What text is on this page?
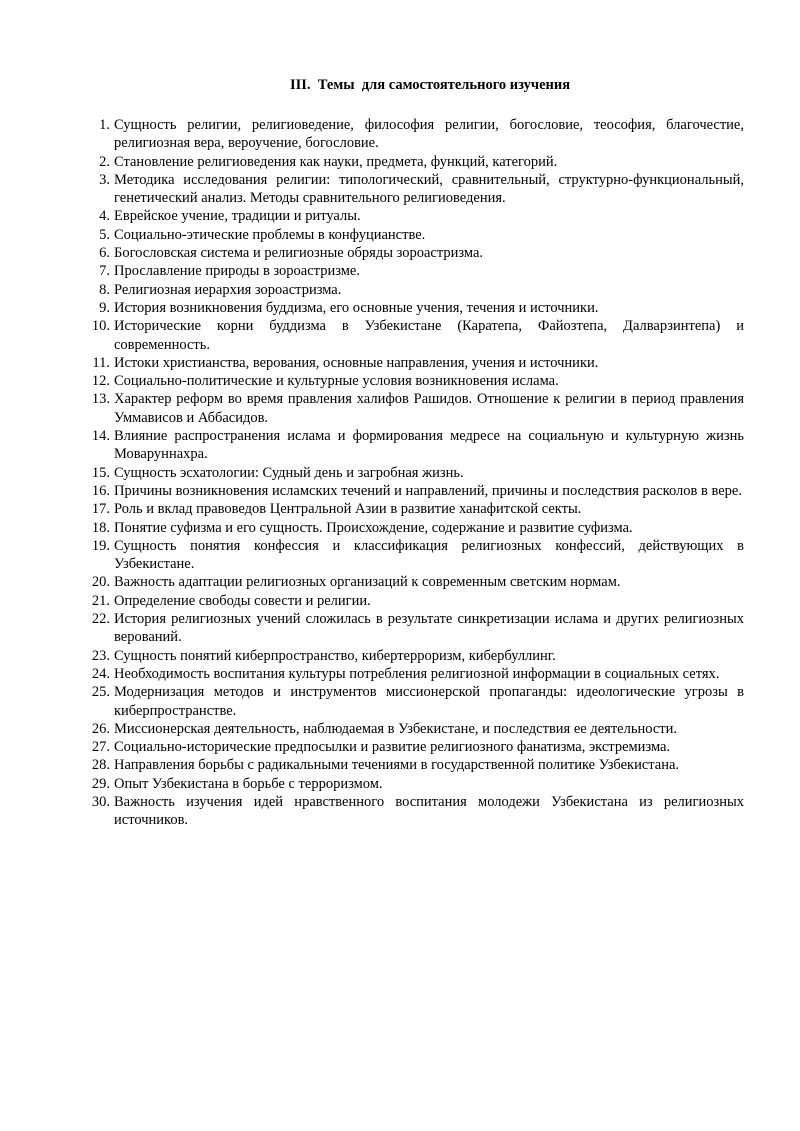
III.  Темы  для самостоятельного изучения
1. Сущность религии, религиоведение, философия религии, богословие, теософия, благочестие, религиозная вера, вероучение, богословие.
2. Становление религиоведения как науки, предмета, функций, категорий.
3. Методика исследования религии: типологический, сравнительный, структурно-функциональный, генетический анализ. Методы сравнительного религиоведения.
4. Еврейское учение, традиции и ритуалы.
5. Социально-этические проблемы в конфуцианстве.
6. Богословская система и религиозные обряды зороастризма.
7. Прославление природы в зороастризме.
8. Религиозная иерархия зороастризма.
9. История возникновения буддизма, его основные учения, течения и источники.
10. Исторические корни буддизма в Узбекистане (Каратепа, Файозтепа, Далварзинтепа) и современность.
11. Истоки христианства, верования, основные направления, учения и источники.
12. Социально-политические и культурные условия возникновения ислама.
13. Характер реформ во время правления халифов Рашидов. Отношение к религии в период правления Уммависов и Аббасидов.
14. Влияние распространения ислама и формирования медресе на социальную и культурную жизнь Моваруннахра.
15. Сущность эсхатологии: Судный день и загробная жизнь.
16. Причины возникновения исламских течений и направлений, причины и последствия расколов в вере.
17. Роль и вклад правоведов Центральной Азии в развитие ханафитской секты.
18. Понятие суфизма и его сущность. Происхождение, содержание и развитие суфизма.
19. Сущность понятия конфессия и классификация религиозных конфессий, действующих в Узбекистане.
20. Важность адаптации религиозных организаций к современным светским нормам.
21. Определение свободы совести и религии.
22. История религиозных учений сложилась в результате синкретизации ислама и других религиозных верований.
23. Сущность понятий киберпространство, кибертерроризм, кибербуллинг.
24. Необходимость воспитания культуры потребления религиозной информации в социальных сетях.
25. Модернизация методов и инструментов миссионерской пропаганды: идеологические угрозы в киберпространстве.
26. Миссионерская деятельность, наблюдаемая в Узбекистане, и последствия ее деятельности.
27. Социально-исторические предпосылки и развитие религиозного фанатизма, экстремизма.
28. Направления борьбы с радикальными течениями в государственной политике Узбекистана.
29. Опыт Узбекистана в борьбе с терроризмом.
30. Важность изучения идей нравственного воспитания молодежи Узбекистана из религиозных источников.
